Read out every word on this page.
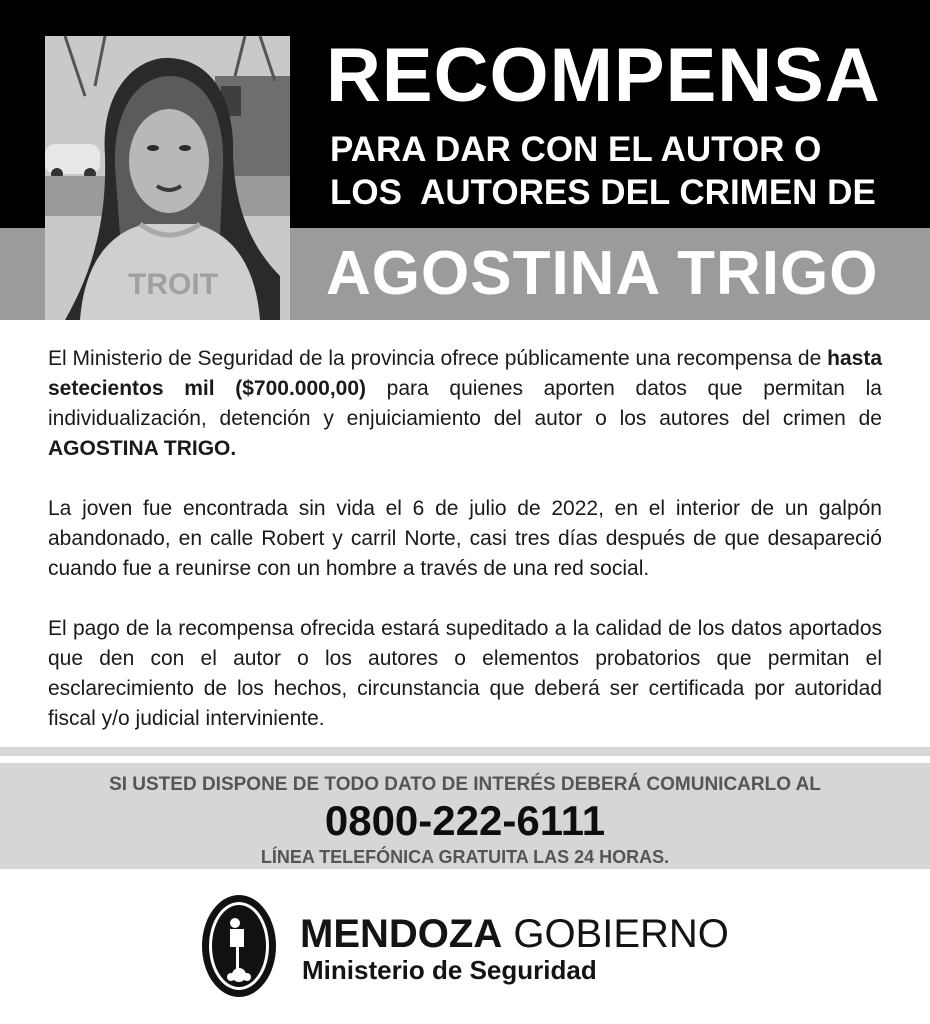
TROIT
RECOMPENSA
PARA DAR CON EL AUTOR O
LOS  AUTORES DEL CRIMEN DE
AGOSTINA TRIGO

El Ministerio de Seguridad de la provincia ofrece públicamente una recompensa de hasta setecientos mil ($700.000,00) para quienes aporten datos que permitan la individualización, detención y enjuiciamiento del autor o los autores del crimen de AGOSTINA TRIGO.

La joven fue encontrada sin vida el 6 de julio de 2022, en el interior de un galpón abandonado, en calle Robert y carril Norte, casi tres días después de que desapareció cuando fue a reunirse con un hombre a través de una red social.

El pago de la recompensa ofrecida estará supeditado a la calidad de los datos aportados que den con el autor o los autores o elementos probatorios que permitan el esclarecimiento de los hechos, circunstancia que deberá ser certificada por autoridad fiscal y/o judicial interviniente.

SI USTED DISPONE DE TODO DATO DE INTERÉS DEBERÁ COMUNICARLO AL

0800-222-6111

LÍNEA TELEFÓNICA GRATUITA LAS 24 HORAS.

MENDOZA GOBIERNO

Ministerio de Seguridad
